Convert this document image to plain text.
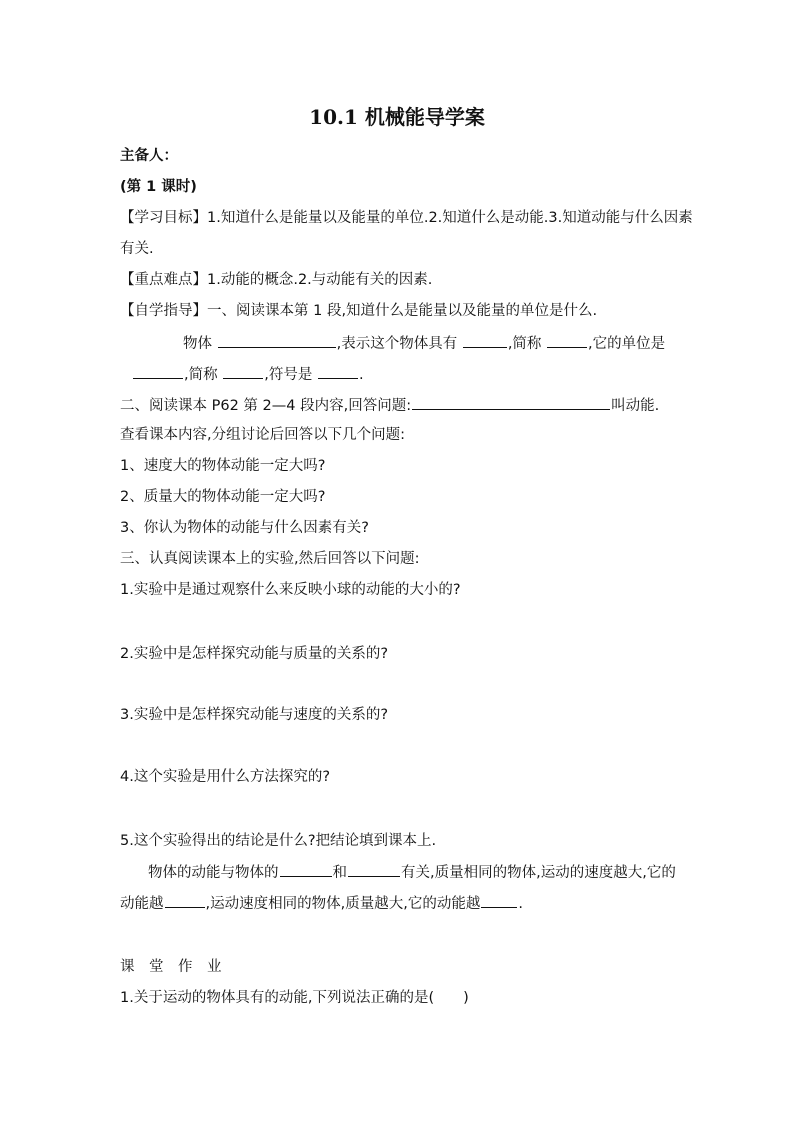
10.1 机械能导学案
主备人：
(第 1 课时)
【学习目标】1.知道什么是能量以及能量的单位.2.知道什么是动能.3.知道动能与什么因素
有关.
【重点难点】1.动能的概念.2.与动能有关的因素.
【自学指导】一、阅读课本第 1 段,知道什么是能量以及能量的单位是什么.
物体	,表示这个物体具有	,简称	,它的单位是
,简称	,符号是	.
二、阅读课本 P62 第 2—4 段内容,回答问题:	叫动能.
查看课本内容,分组讨论后回答以下几个问题:
1、速度大的物体动能一定大吗?
2、质量大的物体动能一定大吗?
3、你认为物体的动能与什么因素有关?
三、认真阅读课本上的实验,然后回答以下问题:
1.实验中是通过观察什么来反映小球的动能的大小的?
2.实验中是怎样探究动能与质量的关系的?
3.实验中是怎样探究动能与速度的关系的?
4.这个实验是用什么方法探究的?
5.这个实验得出的结论是什么?把结论填到课本上.
物体的动能与物体的	和	有关,质量相同的物体,运动的速度越大,它的
动能越	,运动速度相同的物体,质量越大,它的动能越	.
课　堂　作　业
1.关于运动的物体具有的动能,下列说法正确的是(　　)
